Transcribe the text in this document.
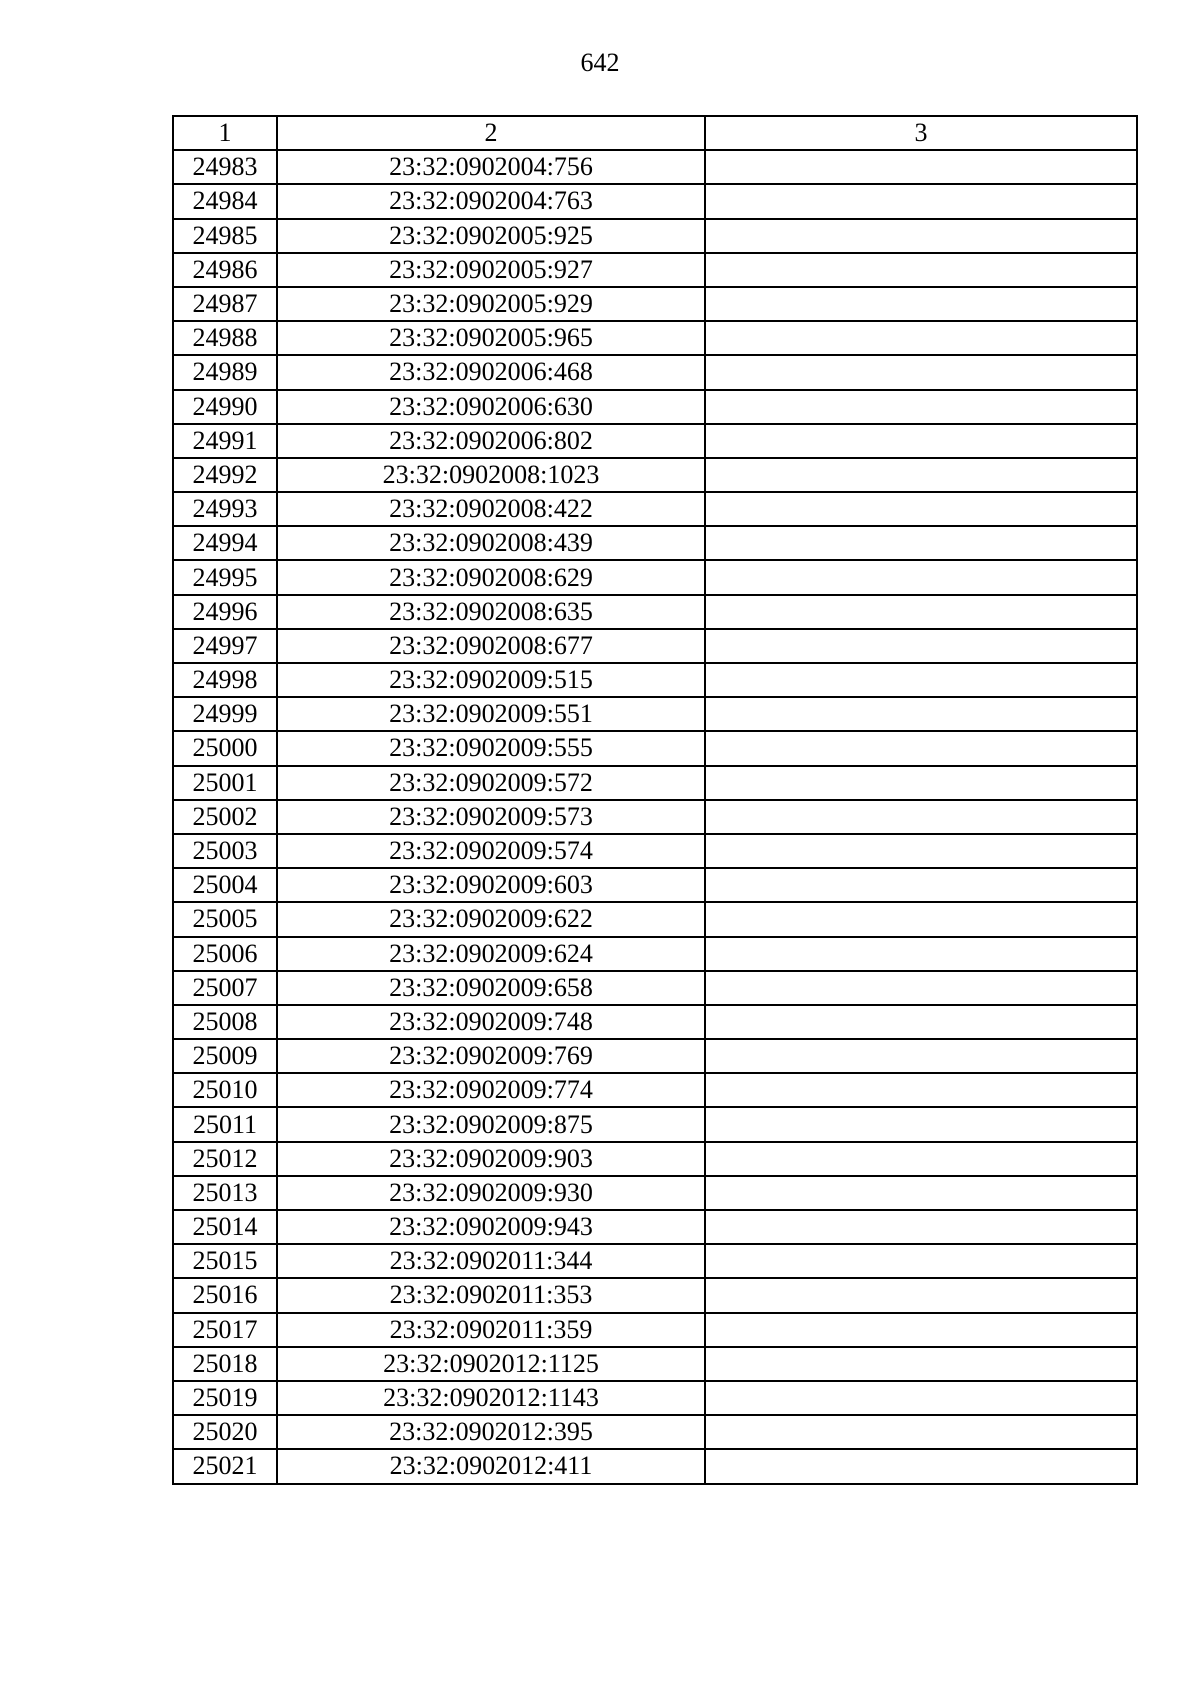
642
1	2	3
24983	23:32:0902004:756	
24984	23:32:0902004:763	
24985	23:32:0902005:925	
24986	23:32:0902005:927	
24987	23:32:0902005:929	
24988	23:32:0902005:965	
24989	23:32:0902006:468	
24990	23:32:0902006:630	
24991	23:32:0902006:802	
24992	23:32:0902008:1023	
24993	23:32:0902008:422	
24994	23:32:0902008:439	
24995	23:32:0902008:629	
24996	23:32:0902008:635	
24997	23:32:0902008:677	
24998	23:32:0902009:515	
24999	23:32:0902009:551	
25000	23:32:0902009:555	
25001	23:32:0902009:572	
25002	23:32:0902009:573	
25003	23:32:0902009:574	
25004	23:32:0902009:603	
25005	23:32:0902009:622	
25006	23:32:0902009:624	
25007	23:32:0902009:658	
25008	23:32:0902009:748	
25009	23:32:0902009:769	
25010	23:32:0902009:774	
25011	23:32:0902009:875	
25012	23:32:0902009:903	
25013	23:32:0902009:930	
25014	23:32:0902009:943	
25015	23:32:0902011:344	
25016	23:32:0902011:353	
25017	23:32:0902011:359	
25018	23:32:0902012:1125	
25019	23:32:0902012:1143	
25020	23:32:0902012:395	
25021	23:32:0902012:411	
